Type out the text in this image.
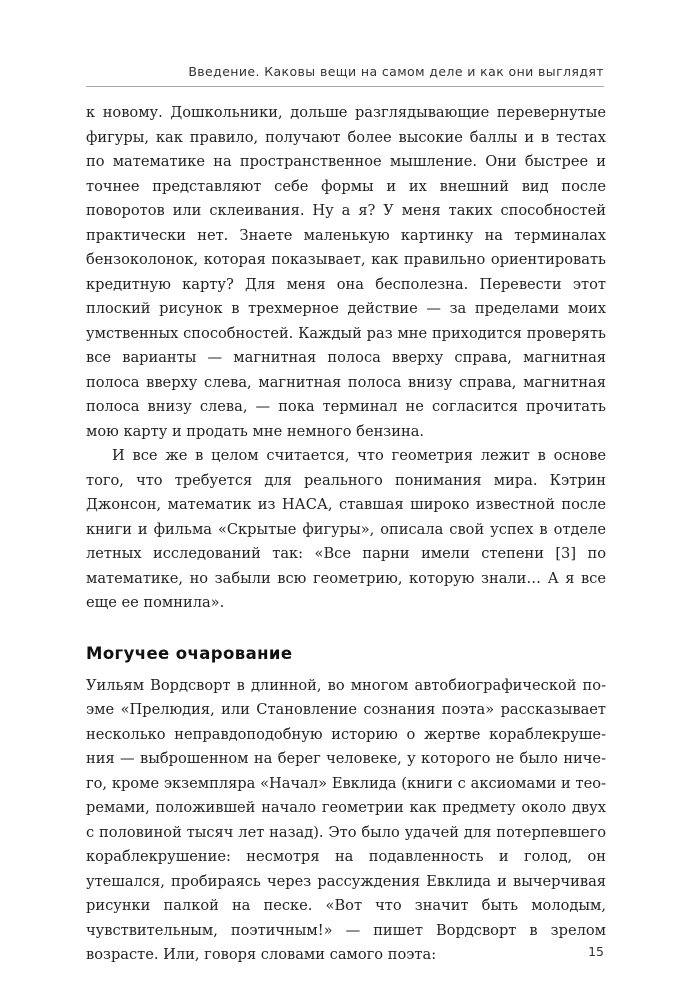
Введение. Каковы вещи на самом деле и как они выглядят

к новому. Дошкольники, дольше разглядывающие перевернутые фигуры, как правило, получают более высокие баллы и в тестах по математике на пространственное мышление. Они быстрее и точнее представляют себе формы и их внешний вид после поворотов или склеивания. Ну а я? У меня таких способностей практически нет. Знаете маленькую картинку на терминалах бензоколонок, которая показывает, как правильно ориентировать кредитную карту? Для меня она бесполезна. Перевести этот плоский рисунок в трехмерное действие — за пределами моих умственных способностей. Каждый раз мне приходится проверять все варианты — магнитная полоса вверху справа, магнитная полоса вверху слева, магнитная полоса внизу справа, магнитная полоса внизу слева, — пока терминал не согласится прочитать мою карту и продать мне немного бензина.

И все же в целом считается, что геометрия лежит в основе того, что требуется для реального понимания мира. Кэтрин Джонсон, математик из НАСА, ставшая широко известной после книги и фильма «Скрытые фигуры», описала свой успех в отделе летных исследований так: «Все парни имели степени [3] по математике, но забыли всю геометрию, которую знали… А я все еще ее помнила».

Могучее очарование

Уильям Вордсворт в длинной, во многом автобиографической поэме «Прелюдия, или Становление сознания поэта» рассказывает несколько неправдоподобную историю о жертве кораблекрушения — выброшенном на берег человеке, у которого не было ничего, кроме экземпляра «Начал» Евклида (книги с аксиомами и теоремами, положившей начало геометрии как предмету около двух с половиной тысяч лет назад). Это было удачей для потерпевшего кораблекрушение: несмотря на подавленность и голод, он утешался, пробираясь через рассуждения Евклида и вычерчивая рисунки палкой на песке. «Вот что значит быть молодым, чувствительным, поэтичным!» — пишет Вордсворт в зрелом возрасте. Или, говоря словами самого поэта:	15
